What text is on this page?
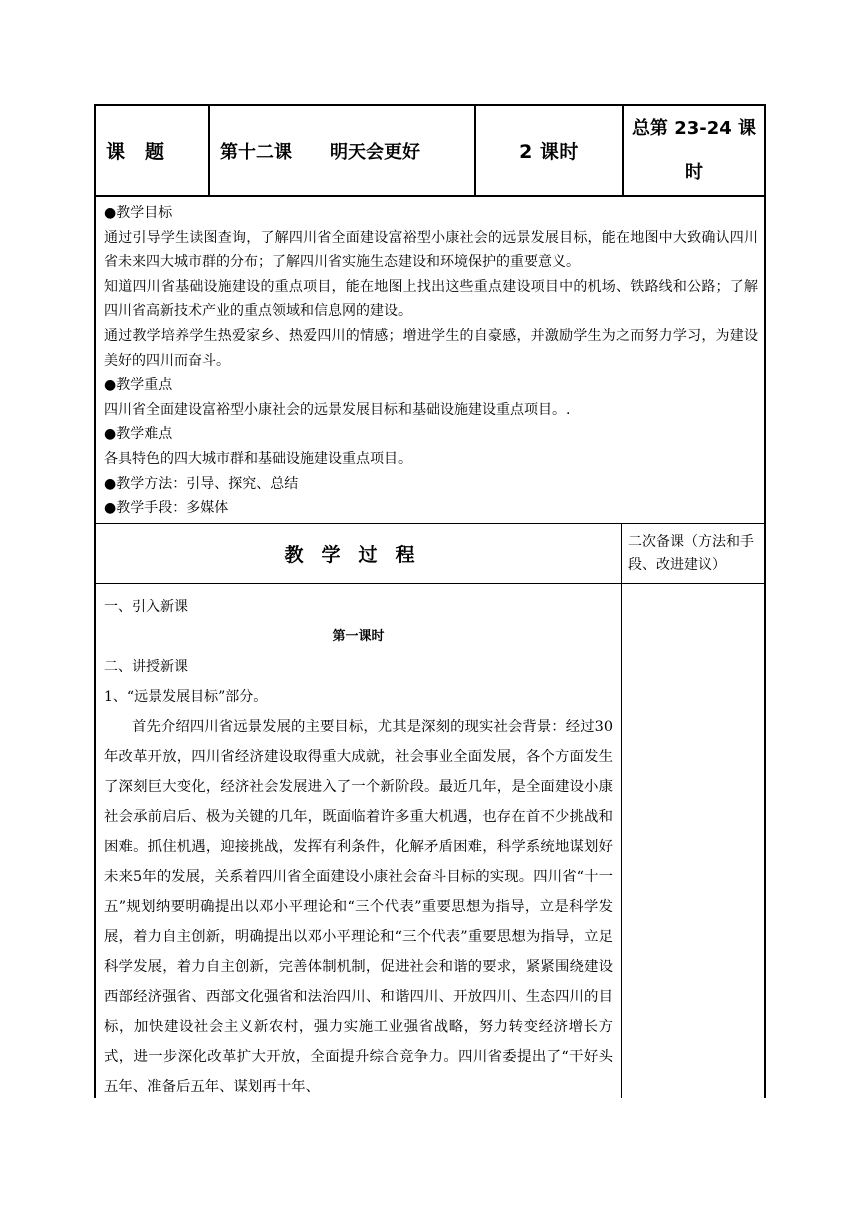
课　题	第十二课 明天会更好	2 课时
总第 23-24 课
时

●教学目标

通过引导学生读图查询，了解四川省全面建设富裕型小康社会的远景发展目标，能在地图中大致确认四川省未来四大城市群的分布；了解四川省实施生态建设和环境保护的重要意义。

知道四川省基础设施建设的重点项目，能在地图上找出这些重点建设项目中的机场、铁路线和公路；了解四川省高新技术产业的重点领域和信息网的建设。

通过教学培养学生热爱家乡、热爱四川的情感；增进学生的自豪感，并激励学生为之而努力学习，为建设美好的四川而奋斗。

●教学重点

四川省全面建设富裕型小康社会的远景发展目标和基础设施建设重点项目。.

●教学难点

各具特色的四大城市群和基础设施建设重点项目。

●教学方法：引导、探究、总结

●教学手段：多媒体

教学过程
二次备课（方法和手段、改进建议）

一、引入新课

第一课时

二、讲授新课

1、“远景发展目标”部分。

首先介绍四川省远景发展的主要目标，尤其是深刻的现实社会背景：经过30年改革开放，四川省经济建设取得重大成就，社会事业全面发展，各个方面发生了深刻巨大变化，经济社会发展进入了一个新阶段。最近几年，是全面建设小康社会承前启后、极为关键的几年，既面临着许多重大机遇，也存在首不少挑战和困难。抓住机遇，迎接挑战，发挥有利条件，化解矛盾困难，科学系统地谋划好未来5年的发展，关系着四川省全面建设小康社会奋斗目标的实现。四川省“十一五”规划纳要明确提出以邓小平理论和“三个代表”重要思想为指导，立是科学发展，着力自主创新，明确提出以邓小平理论和“三个代表”重要思想为指导，立足科学发展，着力自主创新，完善体制机制，促进社会和谐的要求，紧紧围绕建设西部经济强省、西部文化强省和法治四川、和谐四川、开放四川、生态四川的目标，加快建设社会主义新农村，强力实施工业强省战略，努力转变经济增长方式，进一步深化改革扩大开放，全面提升综合竞争力。四川省委提出了“干好头五年、准备后五年、谋划再十年、
